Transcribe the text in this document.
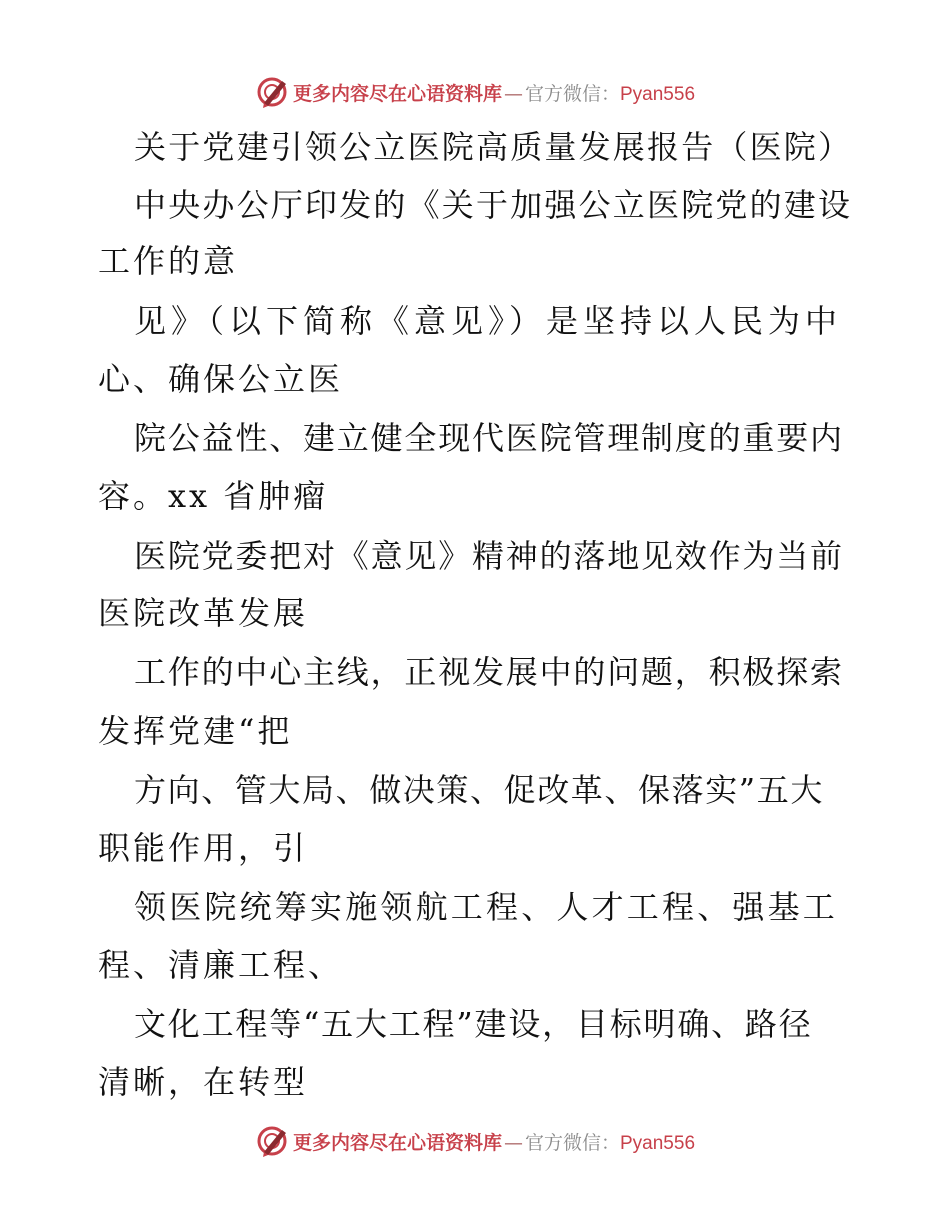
更多内容尽在心语资料库 — 官方微信： Pyan556
关于党建引领公立医院高质量发展报告（医院）
中央办公厅印发的《关于加强公立医院党的建设
工作的意
见》（以下简称《意见》）是坚持以人民为中
心、确保公立医
院公益性、建立健全现代医院管理制度的重要内
容。xx 省肿瘤
医院党委把对《意见》精神的落地见效作为当前
医院改革发展
工作的中心主线，正视发展中的问题，积极探索
发挥党建“把
方向、管大局、做决策、促改革、保落实”五大
职能作用，引
领医院统筹实施领航工程、人才工程、强基工
程、清廉工程、
文化工程等“五大工程”建设，目标明确、路径
清晰，在转型
更多内容尽在心语资料库 — 官方微信： Pyan556
